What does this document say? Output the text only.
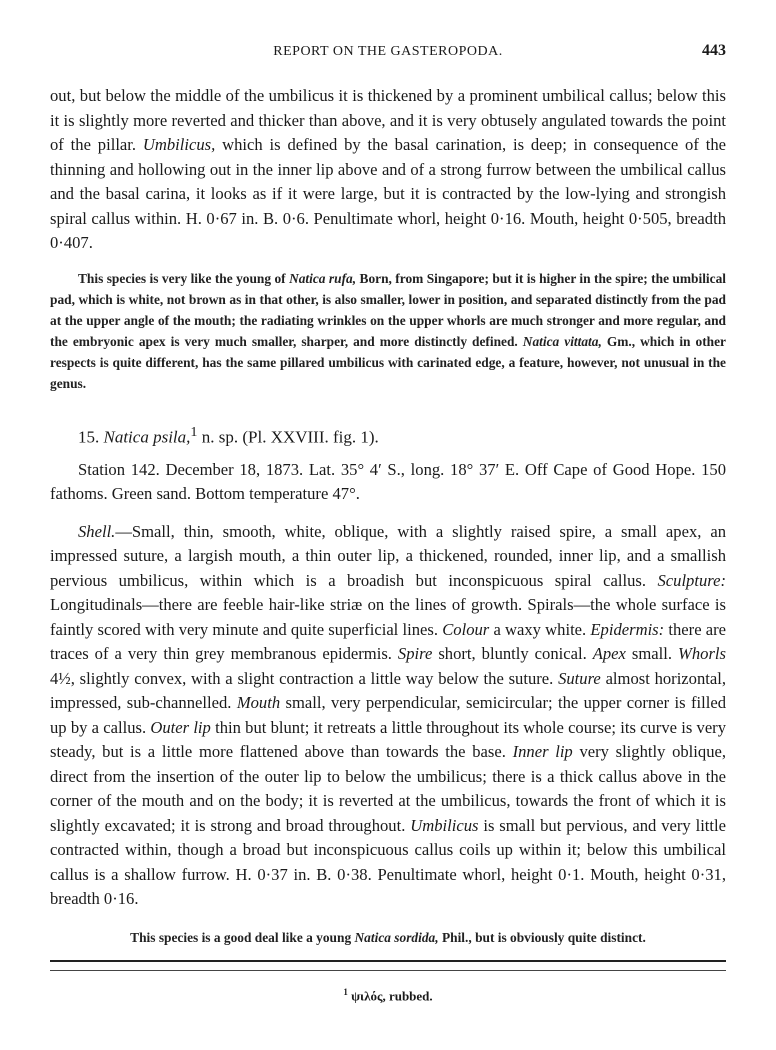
REPORT ON THE GASTEROPODA.	443

out, but below the middle of the umbilicus it is thickened by a prominent umbilical callus; below this it is slightly more reverted and thicker than above, and it is very obtusely angulated towards the point of the pillar. Umbilicus, which is defined by the basal carination, is deep; in consequence of the thinning and hollowing out in the inner lip above and of a strong furrow between the umbilical callus and the basal carina, it looks as if it were large, but it is contracted by the low-lying and strongish spiral callus within. H. 0·67 in. B. 0·6. Penultimate whorl, height 0·16. Mouth, height 0·505, breadth 0·407.

This species is very like the young of Natica rufa, Born, from Singapore; but it is higher in the spire; the umbilical pad, which is white, not brown as in that other, is also smaller, lower in position, and separated distinctly from the pad at the upper angle of the mouth; the radiating wrinkles on the upper whorls are much stronger and more regular, and the embryonic apex is very much smaller, sharper, and more distinctly defined. Natica vittata, Gm., which in other respects is quite different, has the same pillared umbilicus with carinated edge, a feature, however, not unusual in the genus.

15. Natica psila,$^1$ n. sp. (Pl. XXVIII. fig. 1).

Station 142. December 18, 1873. Lat. 35° 4′ S., long. 18° 37′ E. Off Cape of Good Hope. 150 fathoms. Green sand. Bottom temperature 47°.

Shell.—Small, thin, smooth, white, oblique, with a slightly raised spire, a small apex, an impressed suture, a largish mouth, a thin outer lip, a thickened, rounded, inner lip, and a smallish pervious umbilicus, within which is a broadish but inconspicuous spiral callus. Sculpture: Longitudinals—there are feeble hair-like striæ on the lines of growth. Spirals—the whole surface is faintly scored with very minute and quite superficial lines. Colour a waxy white. Epidermis: there are traces of a very thin grey membranous epidermis. Spire short, bluntly conical. Apex small. Whorls 4½, slightly convex, with a slight contraction a little way below the suture. Suture almost horizontal, impressed, sub-channelled. Mouth small, very perpendicular, semicircular; the upper corner is filled up by a callus. Outer lip thin but blunt; it retreats a little throughout its whole course; its curve is very steady, but is a little more flattened above than towards the base. Inner lip very slightly oblique, direct from the insertion of the outer lip to below the umbilicus; there is a thick callus above in the corner of the mouth and on the body; it is reverted at the umbilicus, towards the front of which it is slightly excavated; it is strong and broad throughout. Umbilicus is small but pervious, and very little contracted within, though a broad but inconspicuous callus coils up within it; below this umbilical callus is a shallow furrow. H. 0·37 in. B. 0·38. Penultimate whorl, height 0·1. Mouth, height 0·31, breadth 0·16.

This species is a good deal like a young Natica sordida, Phil., but is obviously quite distinct.

$^1$ ψιλός, rubbed.
